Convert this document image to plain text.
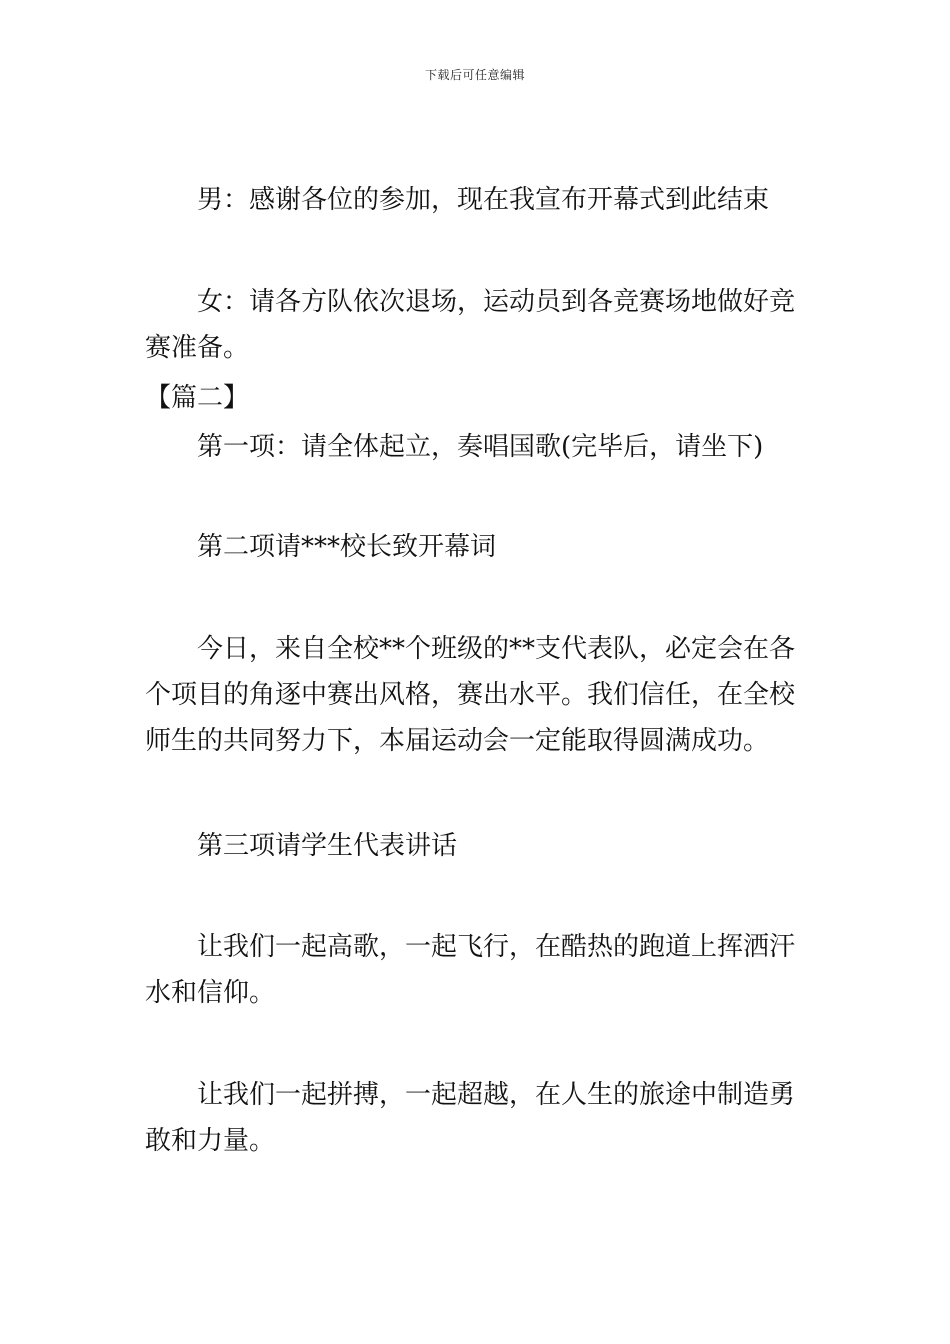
下载后可任意编辑

男：感谢各位的参加，现在我宣布开幕式到此结束

女：请各方队依次退场，运动员到各竞赛场地做好竞赛准备。

【篇二】

第一项：请全体起立，奏唱国歌(完毕后，请坐下)

第二项请***校长致开幕词

今日，来自全校**个班级的**支代表队，必定会在各个项目的角逐中赛出风格，赛出水平。我们信任，在全校师生的共同努力下，本届运动会一定能取得圆满成功。

第三项请学生代表讲话

让我们一起高歌，一起飞行，在酷热的跑道上挥洒汗水和信仰。

让我们一起拼搏，一起超越，在人生的旅途中制造勇敢和力量。
